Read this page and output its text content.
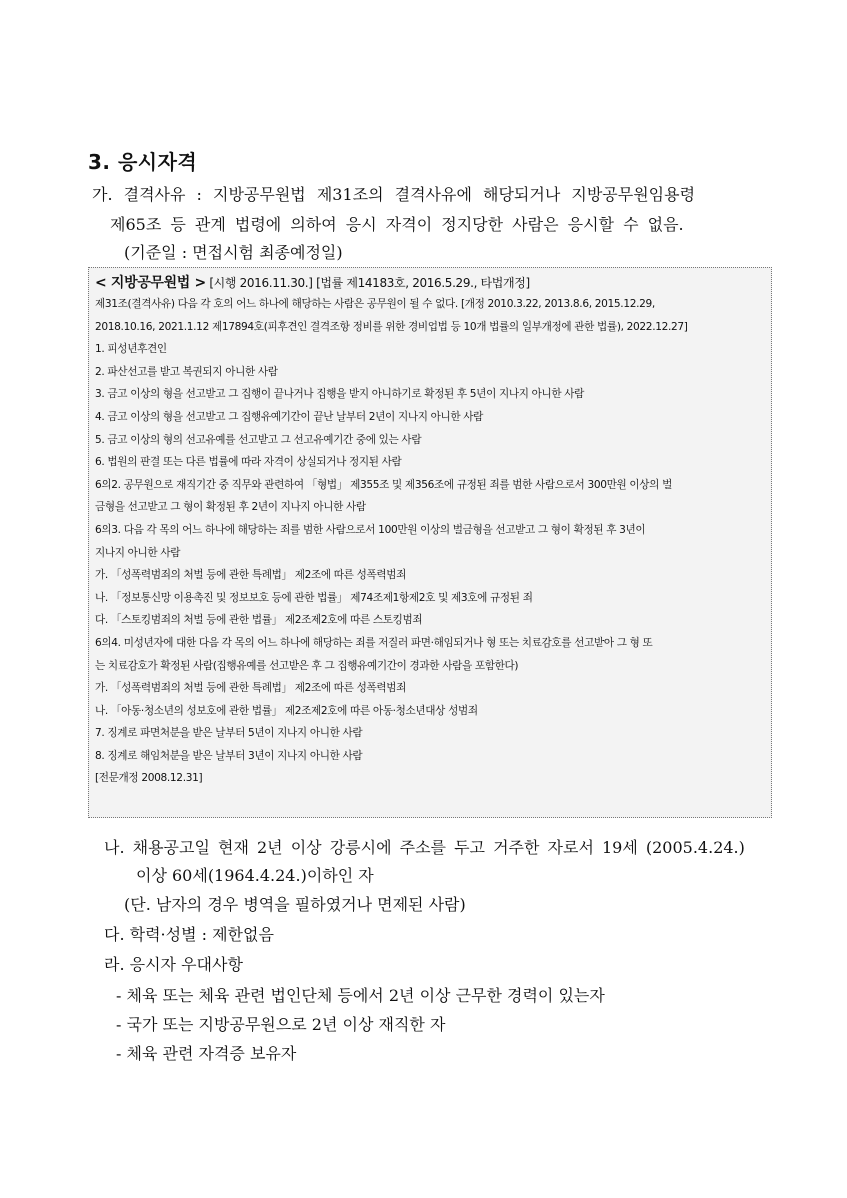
3. 응시자격
가. 결격사유 : 지방공무원법 제31조의 결격사유에 해당되거나 지방공무원임용령
제65조 등 관계 법령에 의하여 응시 자격이 정지당한 사람은 응시할 수 없음.
(기준일 : 면접시험 최종예정일)
< 지방공무원법 > [시행 2016.11.30.] [법률 제14183호, 2016.5.29., 타법개정]
제31조(결격사유) 다음 각 호의 어느 하나에 해당하는 사람은 공무원이 될 수 없다. [개정 2010.3.22, 2013.8.6, 2015.12.29,
2018.10.16, 2021.1.12 제17894호(피후견인 결격조항 정비를 위한 경비업법 등 10개 법률의 일부개정에 관한 법률), 2022.12.27]
1. 피성년후견인
2. 파산선고를 받고 복권되지 아니한 사람
3. 금고 이상의 형을 선고받고 그 집행이 끝나거나 집행을 받지 아니하기로 확정된 후 5년이 지나지 아니한 사람
4. 금고 이상의 형을 선고받고 그 집행유예기간이 끝난 날부터 2년이 지나지 아니한 사람
5. 금고 이상의 형의 선고유예를 선고받고 그 선고유예기간 중에 있는 사람
6. 법원의 판결 또는 다른 법률에 따라 자격이 상실되거나 정지된 사람
6의2. 공무원으로 재직기간 중 직무와 관련하여 「형법」 제355조 및 제356조에 규정된 죄를 범한 사람으로서 300만원 이상의 벌
금형을 선고받고 그 형이 확정된 후 2년이 지나지 아니한 사람
6의3. 다음 각 목의 어느 하나에 해당하는 죄를 범한 사람으로서 100만원 이상의 벌금형을 선고받고 그 형이 확정된 후 3년이
지나지 아니한 사람
가. 「성폭력범죄의 처벌 등에 관한 특례법」 제2조에 따른 성폭력범죄
나. 「정보통신망 이용촉진 및 정보보호 등에 관한 법률」 제74조제1항제2호 및 제3호에 규정된 죄
다. 「스토킹범죄의 처벌 등에 관한 법률」 제2조제2호에 따른 스토킹범죄
6의4. 미성년자에 대한 다음 각 목의 어느 하나에 해당하는 죄를 저질러 파면·해임되거나 형 또는 치료감호를 선고받아 그 형 또
는 치료감호가 확정된 사람(집행유예를 선고받은 후 그 집행유예기간이 경과한 사람을 포함한다)
가. 「성폭력범죄의 처벌 등에 관한 특례법」 제2조에 따른 성폭력범죄
나. 「아동·청소년의 성보호에 관한 법률」 제2조제2호에 따른 아동·청소년대상 성범죄
7. 징계로 파면처분을 받은 날부터 5년이 지나지 아니한 사람
8. 징계로 해임처분을 받은 날부터 3년이 지나지 아니한 사람
[전문개정 2008.12.31]
나. 채용공고일 현재 2년 이상 강릉시에 주소를 두고 거주한 자로서 19세 (2005.4.24.)
이상 60세(1964.4.24.)이하인 자
(단. 남자의 경우 병역을 필하였거나 면제된 사람)
다. 학력·성별 : 제한없음
라. 응시자 우대사항
- 체육 또는 체육 관련 법인단체 등에서 2년 이상 근무한 경력이 있는자
- 국가 또는 지방공무원으로 2년 이상 재직한 자
- 체육 관련 자격증 보유자
